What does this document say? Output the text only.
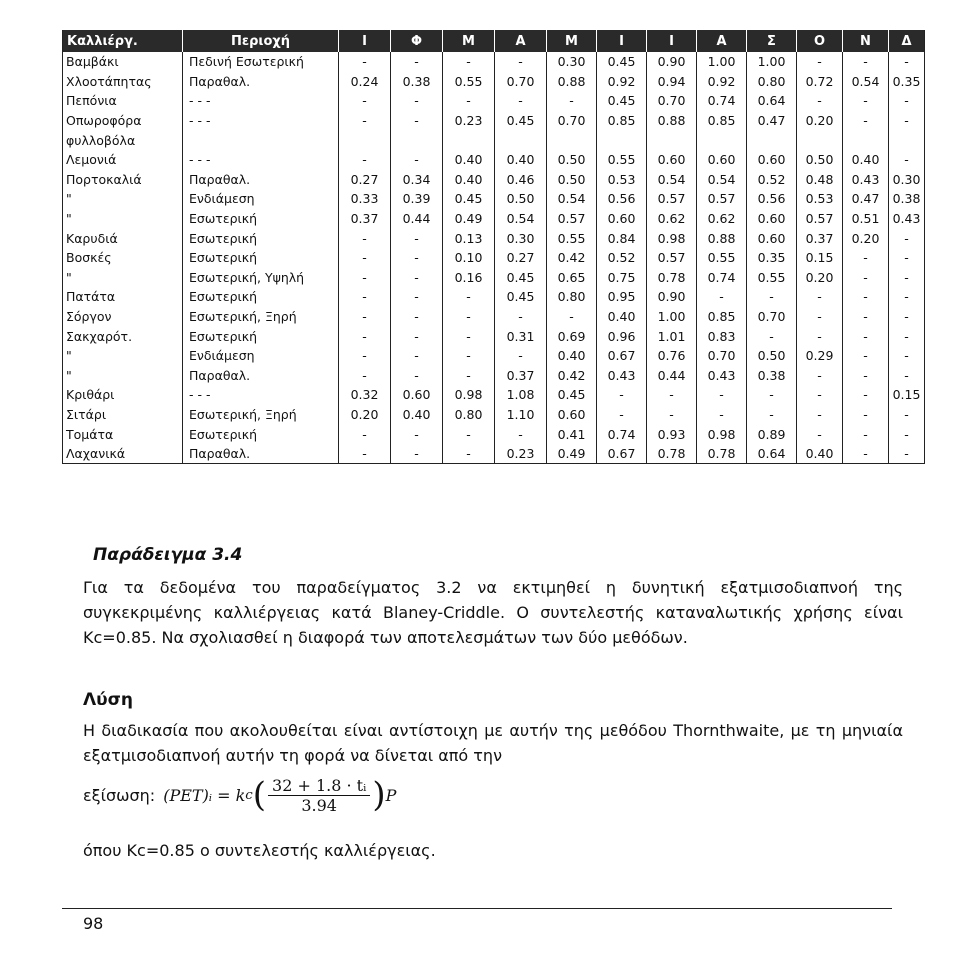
Καλλιέργ.	Περιοχή	Ι	Φ	Μ	Α	Μ	Ι	Ι	Α	Σ	Ο	Ν	Δ
Βαμβάκι	Πεδινή Εσωτερική	-	-	-	-	0.30	0.45	0.90	1.00	1.00	-	-	-
Χλοοτάπητας	Παραθαλ.	0.24	0.38	0.55	0.70	0.88	0.92	0.94	0.92	0.80	0.72	0.54	0.35
Πεπόνια	- - -	-	-	-	-	-	0.45	0.70	0.74	0.64	-	-	-
Οπωροφόρα	- - -	-	-	0.23	0.45	0.70	0.85	0.88	0.85	0.47	0.20	-	-
φυλλοβόλα													
Λεμονιά	- - -	-	-	0.40	0.40	0.50	0.55	0.60	0.60	0.60	0.50	0.40	-
Πορτοκαλιά	Παραθαλ.	0.27	0.34	0.40	0.46	0.50	0.53	0.54	0.54	0.52	0.48	0.43	0.30
"	Ενδιάμεση	0.33	0.39	0.45	0.50	0.54	0.56	0.57	0.57	0.56	0.53	0.47	0.38
"	Εσωτερική	0.37	0.44	0.49	0.54	0.57	0.60	0.62	0.62	0.60	0.57	0.51	0.43
Καρυδιά	Εσωτερική	-	-	0.13	0.30	0.55	0.84	0.98	0.88	0.60	0.37	0.20	-
Βοσκές	Εσωτερική	-	-	0.10	0.27	0.42	0.52	0.57	0.55	0.35	0.15	-	-
"	Εσωτερική, Υψηλή	-	-	0.16	0.45	0.65	0.75	0.78	0.74	0.55	0.20	-	-
Πατάτα	Εσωτερική	-	-	-	0.45	0.80	0.95	0.90	-	-	-	-	-
Σόργον	Εσωτερική, Ξηρή	-	-	-	-	-	0.40	1.00	0.85	0.70	-	-	-
Σακχαρότ.	Εσωτερική	-	-	-	0.31	0.69	0.96	1.01	0.83	-	-	-	-
"	Ενδιάμεση	-	-	-	-	0.40	0.67	0.76	0.70	0.50	0.29	-	-
"	Παραθαλ.	-	-	-	0.37	0.42	0.43	0.44	0.43	0.38	-	-	-
Κριθάρι	- - -	0.32	0.60	0.98	1.08	0.45	-	-	-	-	-	-	0.15
Σιτάρι	Εσωτερική, Ξηρή	0.20	0.40	0.80	1.10	0.60	-	-	-	-	-	-	-
Τομάτα	Εσωτερική	-	-	-	-	0.41	0.74	0.93	0.98	0.89	-	-	-
Λαχανικά	Παραθαλ.	-	-	-	0.23	0.49	0.67	0.78	0.78	0.64	0.40	-	-
Παράδειγμα 3.4

Για τα δεδομένα του παραδείγματος 3.2 να εκτιμηθεί η δυνητική εξατμισοδιαπνοή της συγκεκριμένης καλλιέργειας κατά Blaney-Criddle. Ο συντελεστής καταναλωτικής χρήσης είναι Kc=0.85. Να σχολιασθεί η διαφορά των αποτελεσμάτων των δύο μεθόδων.

Λύση

Η διαδικασία που ακολουθείται είναι αντίστοιχη με αυτήν της μεθόδου Thornthwaite, με τη μηνιαία εξατμισοδιαπνοή αυτήν τη φορά να δίνεται από την

εξίσωση: (PET)ᵢ = k c ( $\frac{\text{32 + 1.8 · tᵢ}}{3.94}$ ) P

όπου Kc=0.85 ο συντελεστής καλλιέργειας.

98
